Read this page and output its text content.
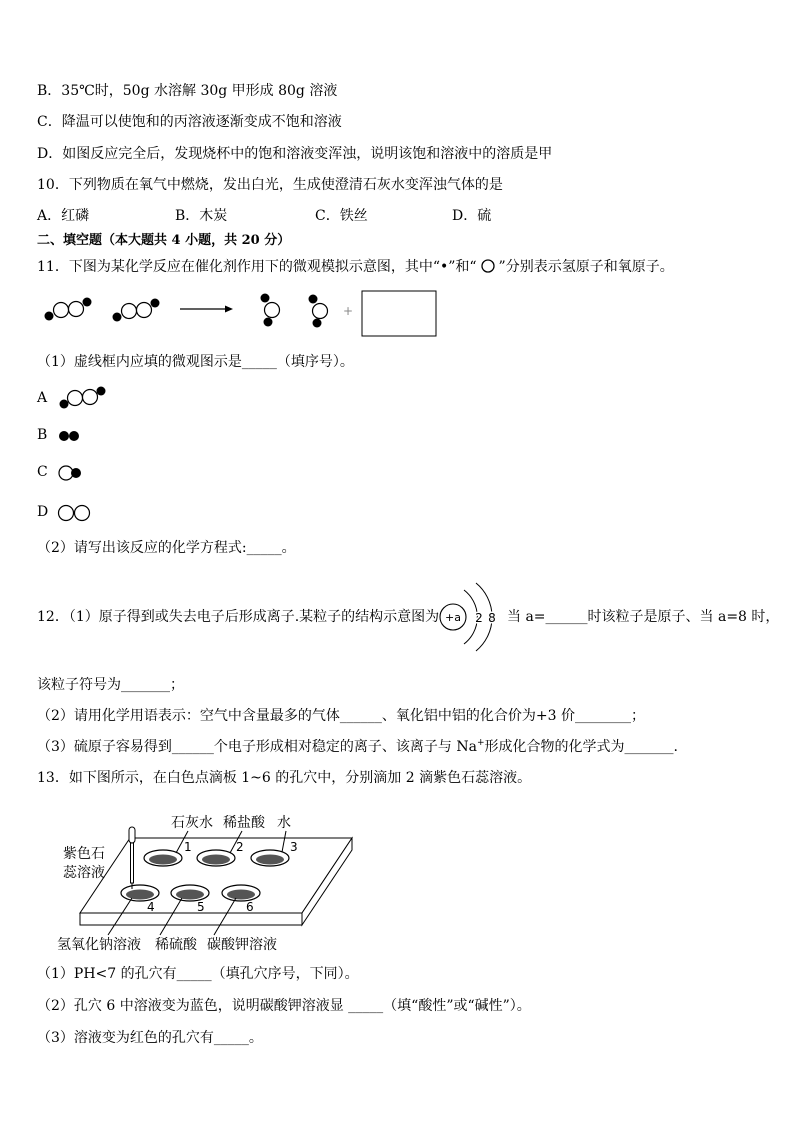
B．35℃时，50g 水溶解 30g 甲形成 80g 溶液
C．降温可以使饱和的丙溶液逐渐变成不饱和溶液
D．如图反应完全后，发现烧杯中的饱和溶液变浑浊，说明该饱和溶液中的溶质是甲
10．下列物质在氧气中燃烧，发出白光，生成使澄清石灰水变浑浊气体的是
A．红磷	B．木炭	C．铁丝	D．硫
二、填空题（本大题共 4 小题，共 20 分）
11．下图为某化学反应在催化剂作用下的微观模拟示意图，其中“•”和“ ”分别表示氢原子和氧原子。
+
（1）虚线框内应填的微观图示是_____（填序号）。
A
B
C
D
（2）请写出该反应的化学方程式:_____。
12．（1）原子得到或失去电子后形成离子.某粒子的结构示意图为 +a 2 8 当 a=______时该粒子是原子、当 a=8 时，
该粒子符号为_______；
（2）请用化学用语表示：空气中含量最多的气体______、氧化铝中铝的化合价为+3 价________；
（3）硫原子容易得到______个电子形成相对稳定的离子、该离子与 Na+形成化合物的化学式为_______.
13．如下图所示，在白色点滴板 1~6 的孔穴中，分别滴加 2 滴紫色石蕊溶液。
1	2	3
4	5	6
石灰水 稀盐酸 水
紫色石
蕊溶液
氢氧化钠溶液 稀硫酸 碳酸钾溶液
（1）PH<7 的孔穴有_____（填孔穴序号，下同）。
（2）孔穴 6 中溶液变为蓝色，说明碳酸钾溶液显 _____（填“酸性”或“碱性”）。
（3）溶液变为红色的孔穴有_____。
